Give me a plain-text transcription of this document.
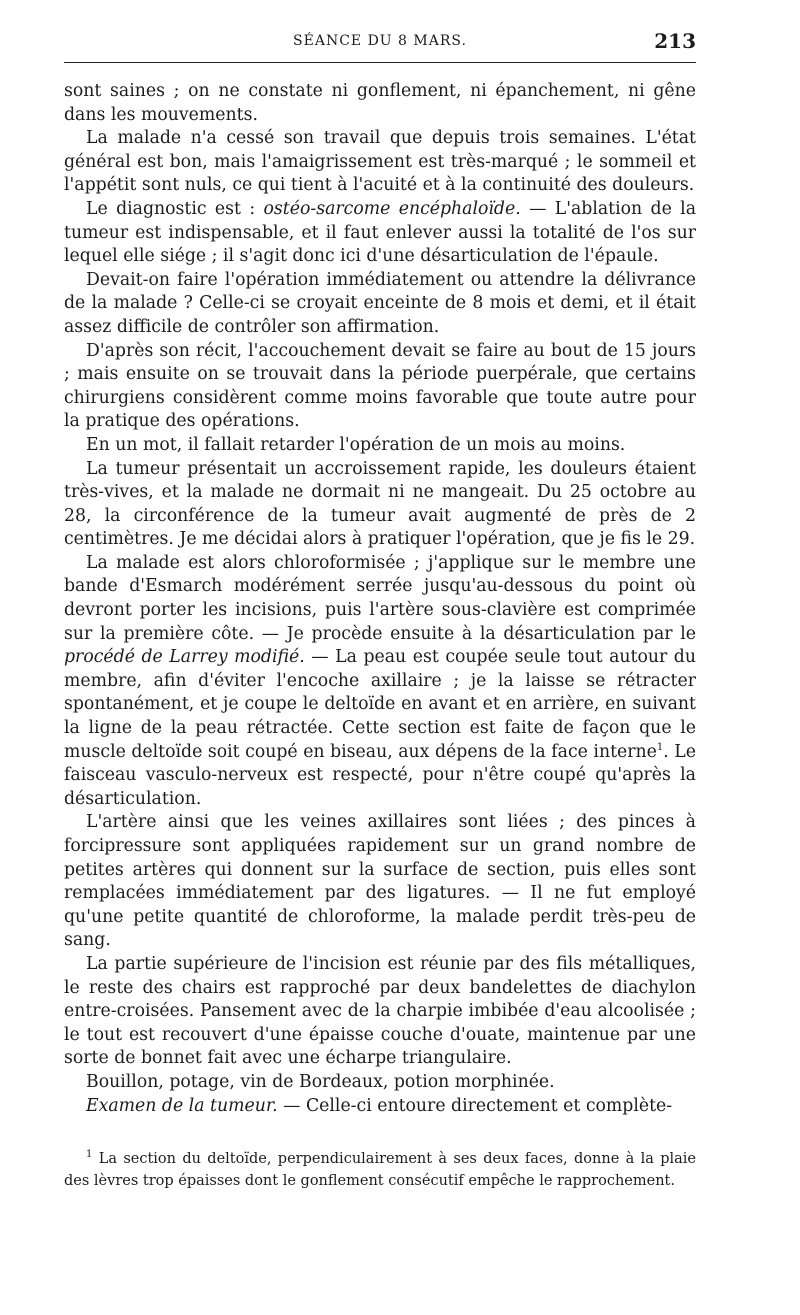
SÉANCE DU 8 MARS.	213

sont saines ; on ne constate ni gonflement, ni épanchement, ni gêne dans les mouvements.

La malade n'a cessé son travail que depuis trois semaines. L'état général est bon, mais l'amaigrissement est très-marqué ; le sommeil et l'appétit sont nuls, ce qui tient à l'acuité et à la continuité des douleurs.

Le diagnostic est : ostéo-sarcome encéphaloïde. — L'ablation de la tumeur est indispensable, et il faut enlever aussi la totalité de l'os sur lequel elle siége ; il s'agit donc ici d'une désarticulation de l'épaule.

Devait-on faire l'opération immédiatement ou attendre la délivrance de la malade ? Celle-ci se croyait enceinte de 8 mois et demi, et il était assez difficile de contrôler son affirmation.

D'après son récit, l'accouchement devait se faire au bout de 15 jours ; mais ensuite on se trouvait dans la période puerpérale, que certains chirurgiens considèrent comme moins favorable que toute autre pour la pratique des opérations.

En un mot, il fallait retarder l'opération de un mois au moins.

La tumeur présentait un accroissement rapide, les douleurs étaient très-vives, et la malade ne dormait ni ne mangeait. Du 25 octobre au 28, la circonférence de la tumeur avait augmenté de près de 2 centimètres. Je me décidai alors à pratiquer l'opération, que je fis le 29.

La malade est alors chloroformisée ; j'applique sur le membre une bande d'Esmarch modérément serrée jusqu'au-dessous du point où devront porter les incisions, puis l'artère sous-clavière est comprimée sur la première côte. — Je procède ensuite à la désarticulation par le procédé de Larrey modifié. — La peau est coupée seule tout autour du membre, afin d'éviter l'encoche axillaire ; je la laisse se rétracter spontanément, et je coupe le deltoïde en avant et en arrière, en suivant la ligne de la peau rétractée. Cette section est faite de façon que le muscle deltoïde soit coupé en biseau, aux dépens de la face interne$^1$. Le faisceau vasculo-nerveux est respecté, pour n'être coupé qu'après la désarticulation.

L'artère ainsi que les veines axillaires sont liées ; des pinces à forcipressure sont appliquées rapidement sur un grand nombre de petites artères qui donnent sur la surface de section, puis elles sont remplacées immédiatement par des ligatures. — Il ne fut employé qu'une petite quantité de chloroforme, la malade perdit très-peu de sang.

La partie supérieure de l'incision est réunie par des fils métalliques, le reste des chairs est rapproché par deux bandelettes de diachylon entre-croisées. Pansement avec de la charpie imbibée d'eau alcoolisée ; le tout est recouvert d'une épaisse couche d'ouate, maintenue par une sorte de bonnet fait avec une écharpe triangulaire.

Bouillon, potage, vin de Bordeaux, potion morphinée.

Examen de la tumeur. — Celle-ci entoure directement et complète-

$^1$ La section du deltoïde, perpendiculairement à ses deux faces, donne à la plaie des lèvres trop épaisses dont le gonflement consécutif empêche le rapprochement.
